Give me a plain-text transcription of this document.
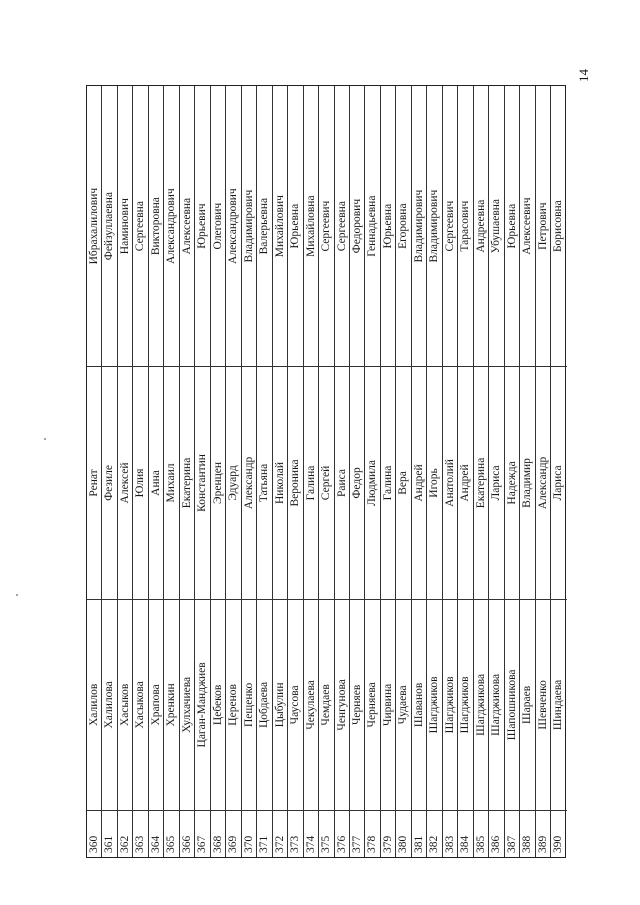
360
Халилов
Ренат
Ибрахалилович
361
Халилова
Фезиле
Фейзуллаевна
362
Хасыков
Алексей
Наминович
363
Хасыкова
Юлия
Сергеевна
364
Храпова
Анна
Викторовна
365
Хренкин
Михаил
Александрович
366
Хулхачиева
Екатерина
Алексеевна
367
Цаган-Манджиев
Константин
Юрьевич
368
Цебеков
Эренцен
Олегович
369
Церенов
Эдуард
Александрович
370
Пещенко
Александр
Владимирович
371
Цобдаева
Татьяна
Валерьевна
372
Цыбулин
Николай
Михайлович
373
Чаусова
Вероника
Юрьевна
374
Чекулаева
Галина
Михайловна
375
Чемдаев
Сергей
Сергеевич
376
Ченгунова
Раиса
Сергеевна
377
Черняев
Федор
Федорович
378
Черняева
Людмила
Геннадьевна
379
Чирвина
Галина
Юрьевна
380
Чудаева
Вера
Егоровна
381
Шаванов
Андрей
Владимирович
382
Шагджиков
Игорь
Владимирович
383
Шагджиков
Анатолий
Сергеевич
384
Шагджиков
Андрей
Тарасович
385
Шагджикова
Екатерина
Андреевна
386
Шагджикова
Лариса
Убушаевна
387
Шапошникова
Надежда
Юрьевна
388
Шараев
Владимир
Алексеевич
389
Шевченко
Александр
Петрович
390
Шиндаева
Лариса
Борисовна
14
